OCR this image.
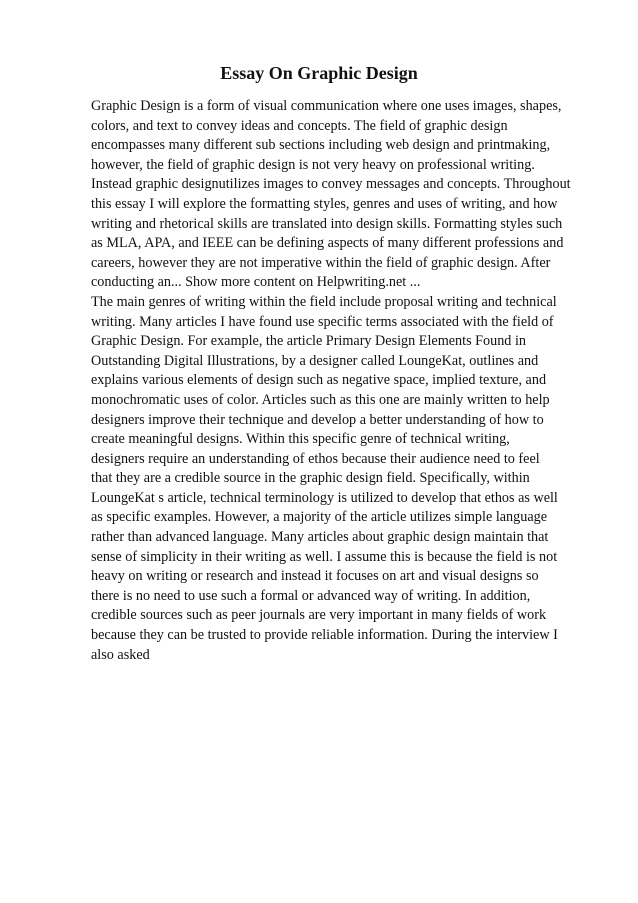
Essay On Graphic Design
Graphic Design is a form of visual communication where one uses images, shapes,
colors, and text to convey ideas and concepts. The field of graphic design
encompasses many different sub sections including web design and printmaking,
however, the field of graphic design is not very heavy on professional writing.
Instead graphic designutilizes images to convey messages and concepts. Throughout
this essay I will explore the formatting styles, genres and uses of writing, and how
writing and rhetorical skills are translated into design skills. Formatting styles such
as MLA, APA, and IEEE can be defining aspects of many different professions and
careers, however they are not imperative within the field of graphic design. After
conducting an... Show more content on Helpwriting.net ...
The main genres of writing within the field include proposal writing and technical
writing. Many articles I have found use specific terms associated with the field of
Graphic Design. For example, the article Primary Design Elements Found in
Outstanding Digital Illustrations, by a designer called LoungeKat, outlines and
explains various elements of design such as negative space, implied texture, and
monochromatic uses of color. Articles such as this one are mainly written to help
designers improve their technique and develop a better understanding of how to
create meaningful designs. Within this specific genre of technical writing,
designers require an understanding of ethos because their audience need to feel
that they are a credible source in the graphic design field. Specifically, within
LoungeKat s article, technical terminology is utilized to develop that ethos as well
as specific examples. However, a majority of the article utilizes simple language
rather than advanced language. Many articles about graphic design maintain that
sense of simplicity in their writing as well. I assume this is because the field is not
heavy on writing or research and instead it focuses on art and visual designs so
there is no need to use such a formal or advanced way of writing. In addition,
credible sources such as peer journals are very important in many fields of work
because they can be trusted to provide reliable information. During the interview I
also asked
